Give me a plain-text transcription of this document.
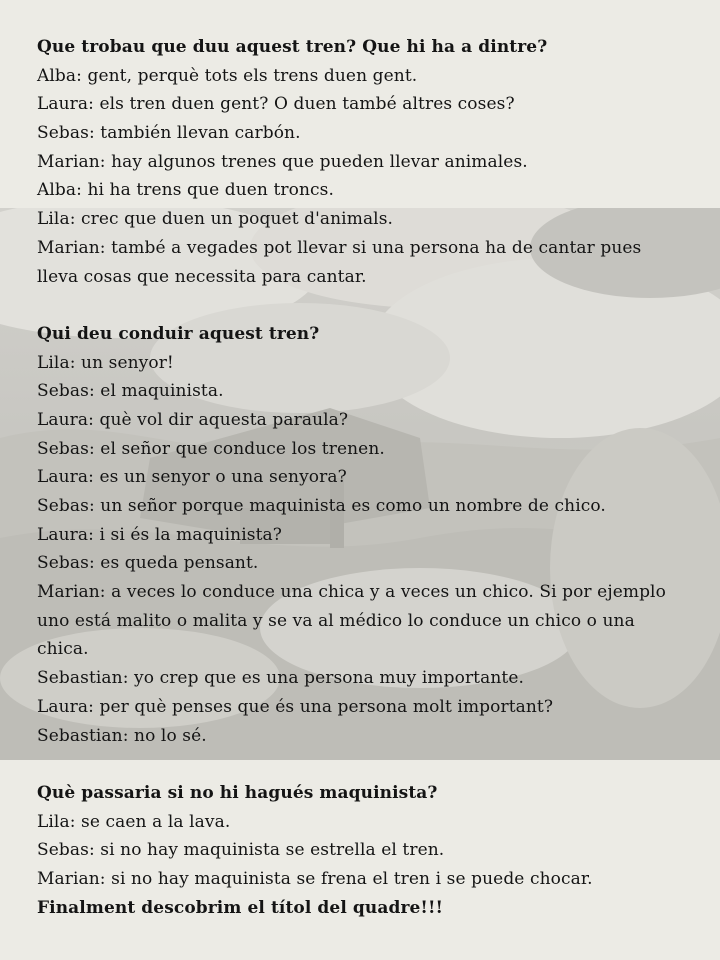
Que trobau que duu aquest tren? Que hi ha a dintre?
Alba: gent, perquè tots els trens duen gent.
Laura: els tren duen gent? O duen també altres coses?
Sebas: también llevan carbón.
Marian: hay algunos trenes que pueden llevar animales.
Alba: hi ha trens que duen troncs.
Lila: crec que duen un poquet d'animals.
Marian: també a vegades pot llevar si una persona ha de cantar pues
lleva cosas que necessita para cantar.
Qui deu conduir aquest tren?
Lila: un senyor!
Sebas: el maquinista.
Laura: què vol dir aquesta paraula?
Sebas: el señor que conduce los trenen.
Laura: es un senyor o una senyora?
Sebas: un señor porque maquinista es como un nombre de chico.
Laura: i si és la maquinista?
Sebas: es queda pensant.
Marian: a veces lo conduce una chica y a veces un chico. Si por ejemplo
uno está malito o malita y se va al médico lo conduce un chico o una
chica.
Sebastian: yo crep que es una persona muy importante.
Laura: per què penses que és una persona molt important?
Sebastian: no lo sé.
Què passaria si no hi hagués maquinista?
Lila: se caen a la lava.
Sebas: si no hay maquinista se estrella el tren.
Marian: si no hay maquinista se frena el tren i se puede chocar.
Finalment descobrim el títol del quadre!!!
